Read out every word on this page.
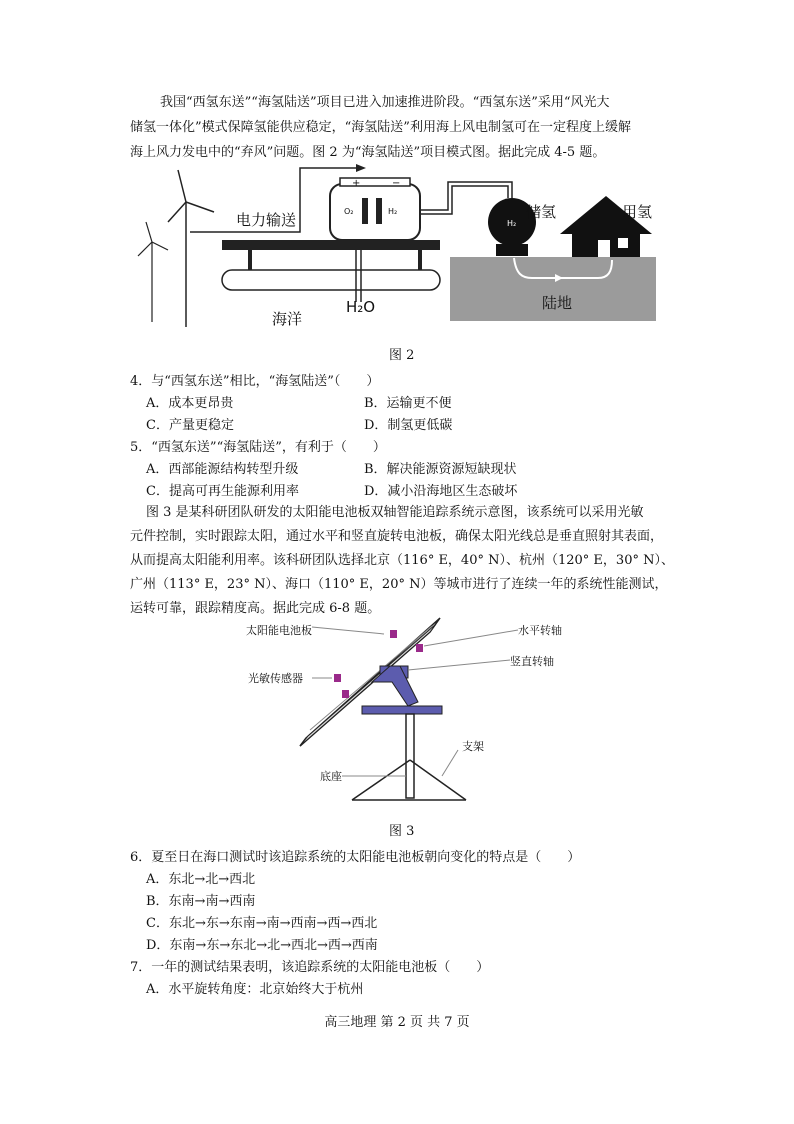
我国“西氢东送”“海氢陆送”项目已进入加速推进阶段。“西氢东送”采用“风光大
储氢一体化”模式保障氢能供应稳定，“海氢陆送”利用海上风电制氢可在一定程度上缓解
海上风力发电中的“弃风”问题。图 2 为“海氢陆送”项目模式图。据此完成 4-5 题。
电力输送	储氢	用氢
海洋
H₂O	陆地
O₂	H₂
H₂
+	−
图 2
4．与“西氢东送”相比，“海氢陆送”（　　）
A．成本更昂贵	B．运输更不便
C．产量更稳定	D．制氢更低碳
5．“西氢东送”“海氢陆送”，有利于（　　）
A．西部能源结构转型升级	B．解决能源资源短缺现状
C．提高可再生能源利用率	D．减小沿海地区生态破坏
图 3 是某科研团队研发的太阳能电池板双轴智能追踪系统示意图，该系统可以采用光敏
元件控制，实时跟踪太阳，通过水平和竖直旋转电池板，确保太阳光线总是垂直照射其表面，
从而提高太阳能利用率。该科研团队选择北京（116° E，40° N）、杭州（120° E，30° N）、
广州（113° E，23° N）、海口（110° E，20° N）等城市进行了连续一年的系统性能测试，
运转可靠，跟踪精度高。据此完成 6-8 题。
太阳能电池板
光敏传感器
水平转轴
竖直转轴
支架
底座
图 3
6．夏至日在海口测试时该追踪系统的太阳能电池板朝向变化的特点是（　　）
A．东北→北→西北
B．东南→南→西南
C．东北→东→东南→南→西南→西→西北
D．东南→东→东北→北→西北→西→西南
7．一年的测试结果表明，该追踪系统的太阳能电池板（　　）
A．水平旋转角度：北京始终大于杭州
高三地理 第 2 页 共 7 页
